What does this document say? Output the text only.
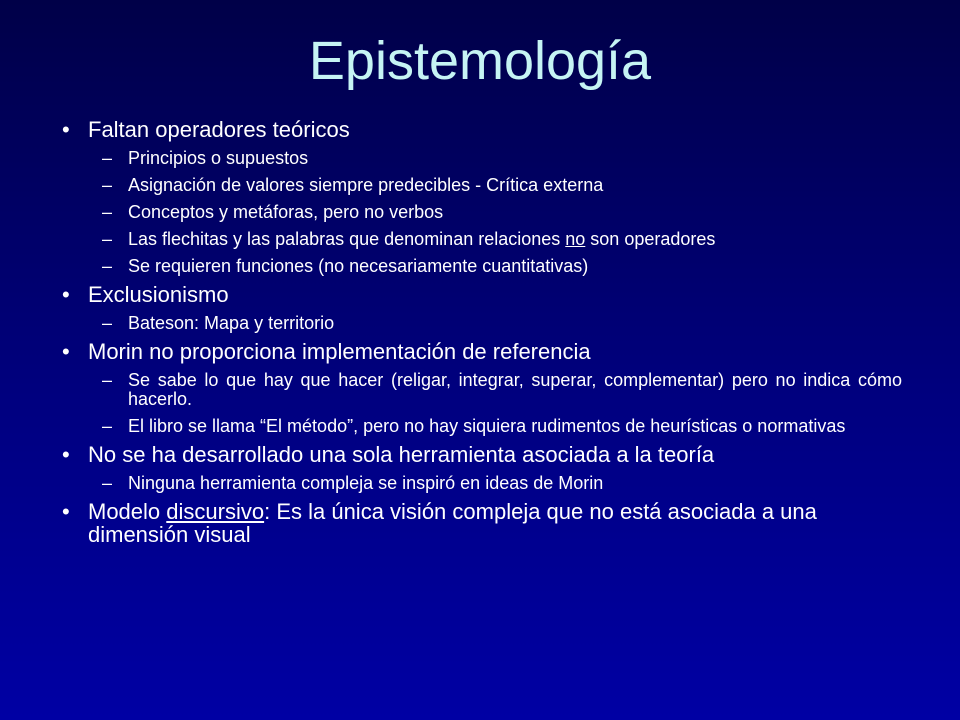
Epistemología
• Faltan operadores teóricos
– Principios o supuestos
– Asignación de valores siempre predecibles - Crítica externa
– Conceptos y metáforas, pero no verbos
– Las flechitas y las palabras que denominan relaciones no son operadores
– Se requieren funciones (no necesariamente cuantitativas)
• Exclusionismo
– Bateson: Mapa y territorio
• Morin no proporciona implementación de referencia
– Se sabe lo que hay que hacer (religar, integrar, superar, complementar) pero no indica cómo hacerlo.
– El libro se llama “El método”, pero no hay siquiera rudimentos de heurísticas o normativas
• No se ha desarrollado una sola herramienta asociada a la teoría
– Ninguna herramienta compleja se inspiró en ideas de Morin
• Modelo discursivo: Es la única visión compleja que no está asociada a una dimensión visual
